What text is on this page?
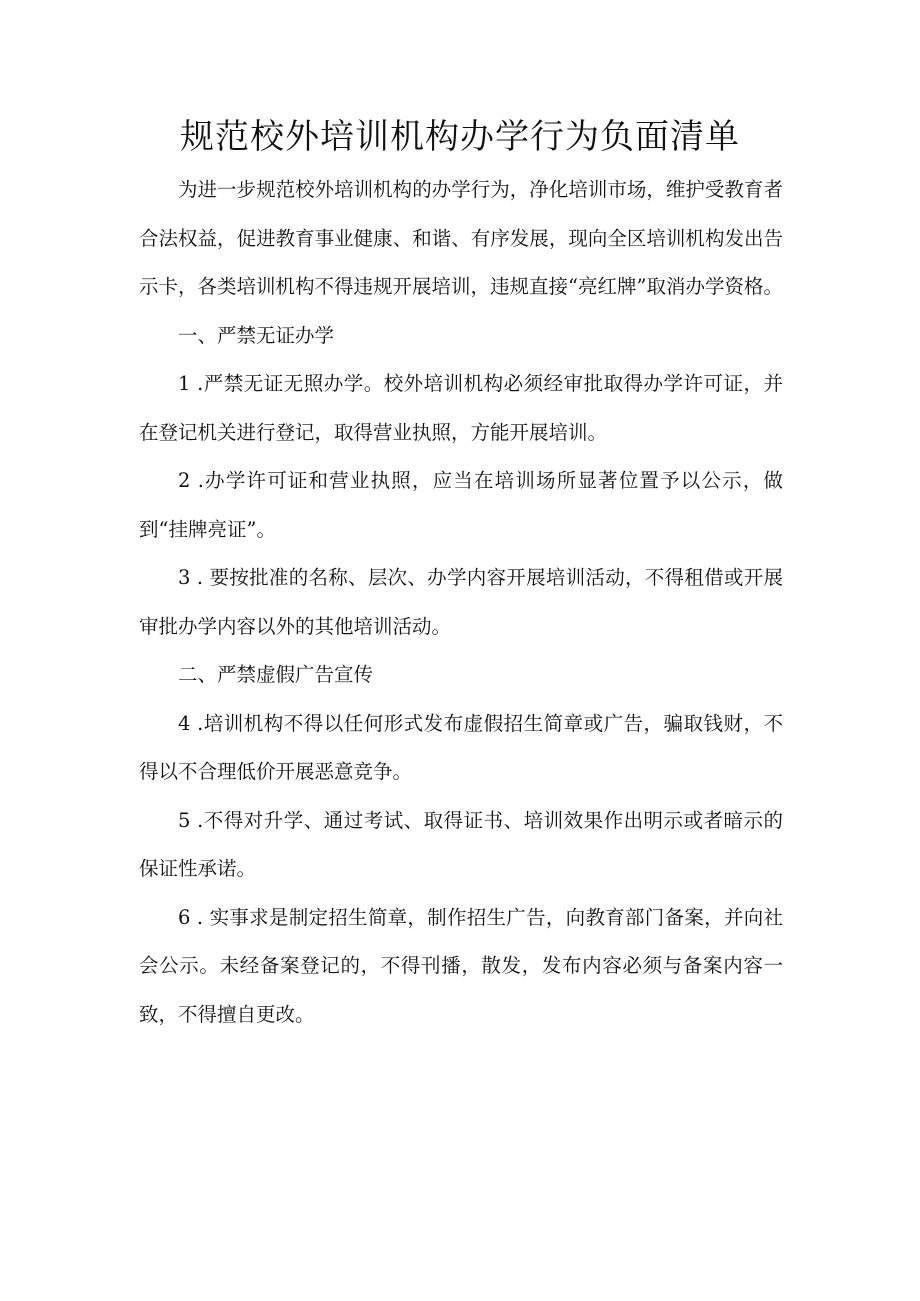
规范校外培训机构办学行为负面清单

为进一步规范校外培训机构的办学行为，净化培训市场，维护受教育者合法权益，促进教育事业健康、和谐、有序发展，现向全区培训机构发出告示卡，各类培训机构不得违规开展培训，违规直接“亮红牌”取消办学资格。

一、严禁无证办学

1 .严禁无证无照办学。校外培训机构必须经审批取得办学许可证，并在登记机关进行登记，取得营业执照，方能开展培训。

2 .办学许可证和营业执照，应当在培训场所显著位置予以公示，做到“挂牌亮证”。

3 . 要按批准的名称、层次、办学内容开展培训活动，不得租借或开展审批办学内容以外的其他培训活动。

二、严禁虚假广告宣传

4 .培训机构不得以任何形式发布虚假招生简章或广告，骗取钱财，不得以不合理低价开展恶意竞争。

5 .不得对升学、通过考试、取得证书、培训效果作出明示或者暗示的保证性承诺。

6 . 实事求是制定招生简章，制作招生广告，向教育部门备案，并向社会公示。未经备案登记的，不得刊播，散发，发布内容必须与备案内容一致，不得擅自更改。
